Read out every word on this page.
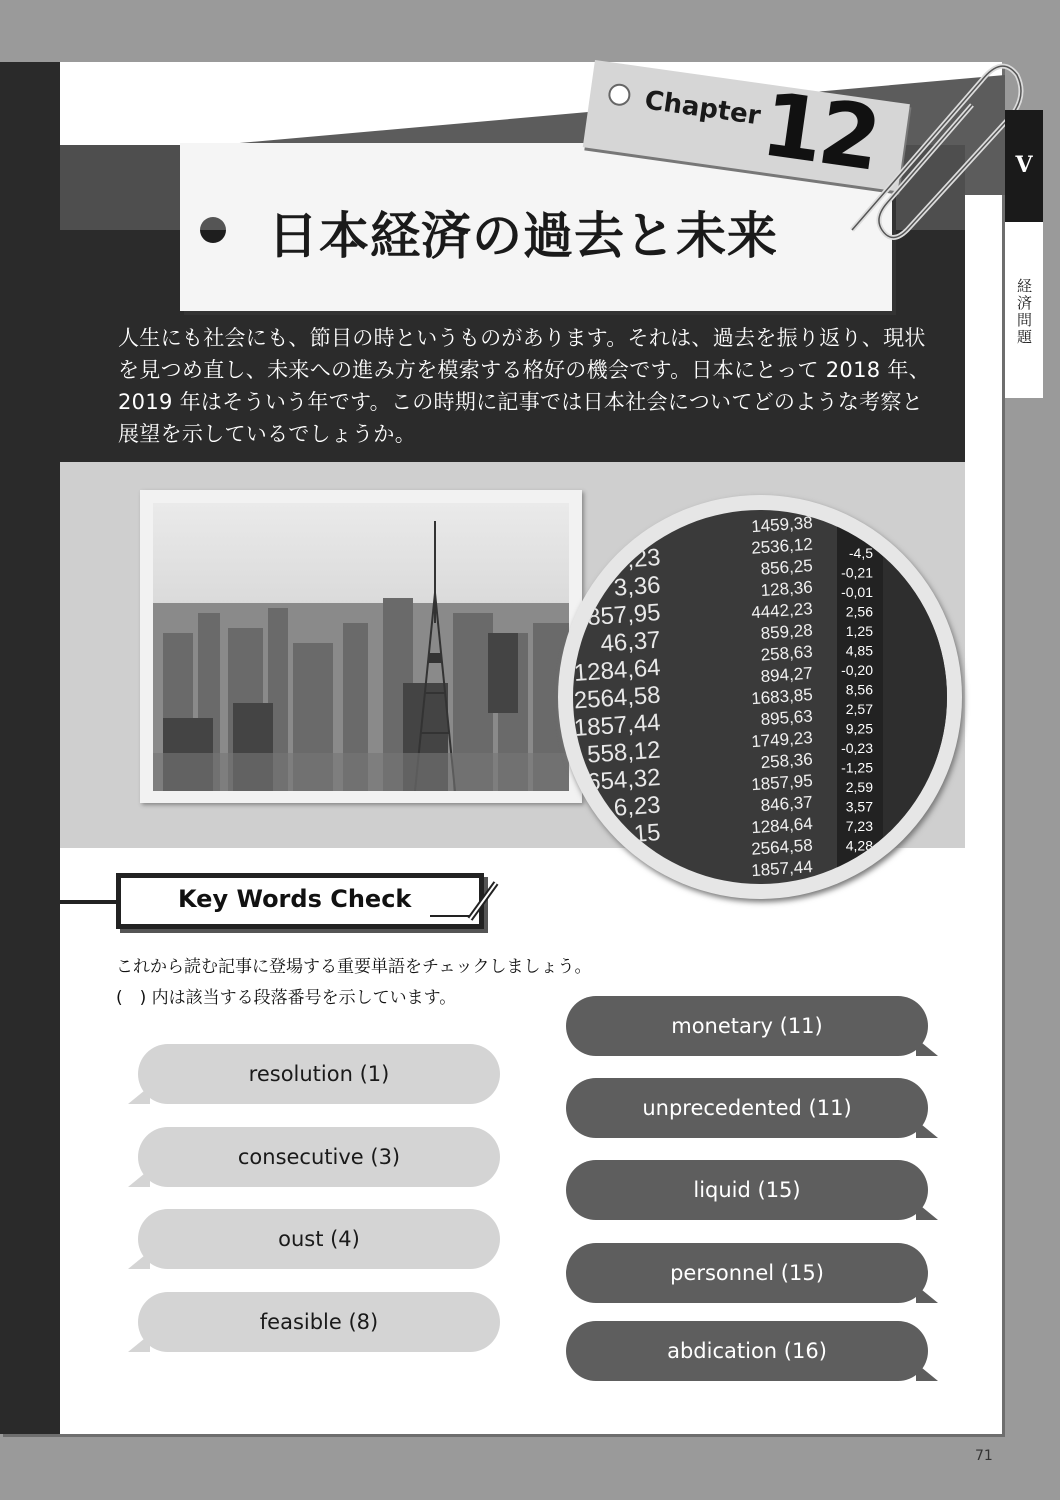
人生にも社会にも、節目の時というものがあります。それは、過去を振り返り、現状を見つめ直し、未来への進み方を模索する格好の機会です。日本にとって 2018 年、2019 年はそういう年です。この時期に記事では日本社会についてどのような考察と展望を示しているでしょうか。

日本経済の過去と未来
Chapter
12	V
経済問題
9,23
3,36
857,95
46,37
1284,64
2564,58
1857,44
558,12
654,32
6,23
1,15
1459,38
2536,12
856,25
128,36
4442,23
859,28
258,63
894,27
1683,85
895,63
1749,23
258,36
1857,95
846,37
1284,64
2564,58
1857,44
-4,5
-0,21
-0,01
2,56
1,25
4,85
-0,20
8,56
2,57
9,25
-0,23
-1,25
2,59
3,57
7,23
4,28
Key Words Check

これから読む記事に登場する重要単語をチェックしましょう。

(　) 内は該当する段落番号を示しています。

resolution (1)
consecutive (3)
oust (4)
feasible (8)
monetary (11)
unprecedented (11)
liquid (15)
personnel (15)
abdication (16)
71
